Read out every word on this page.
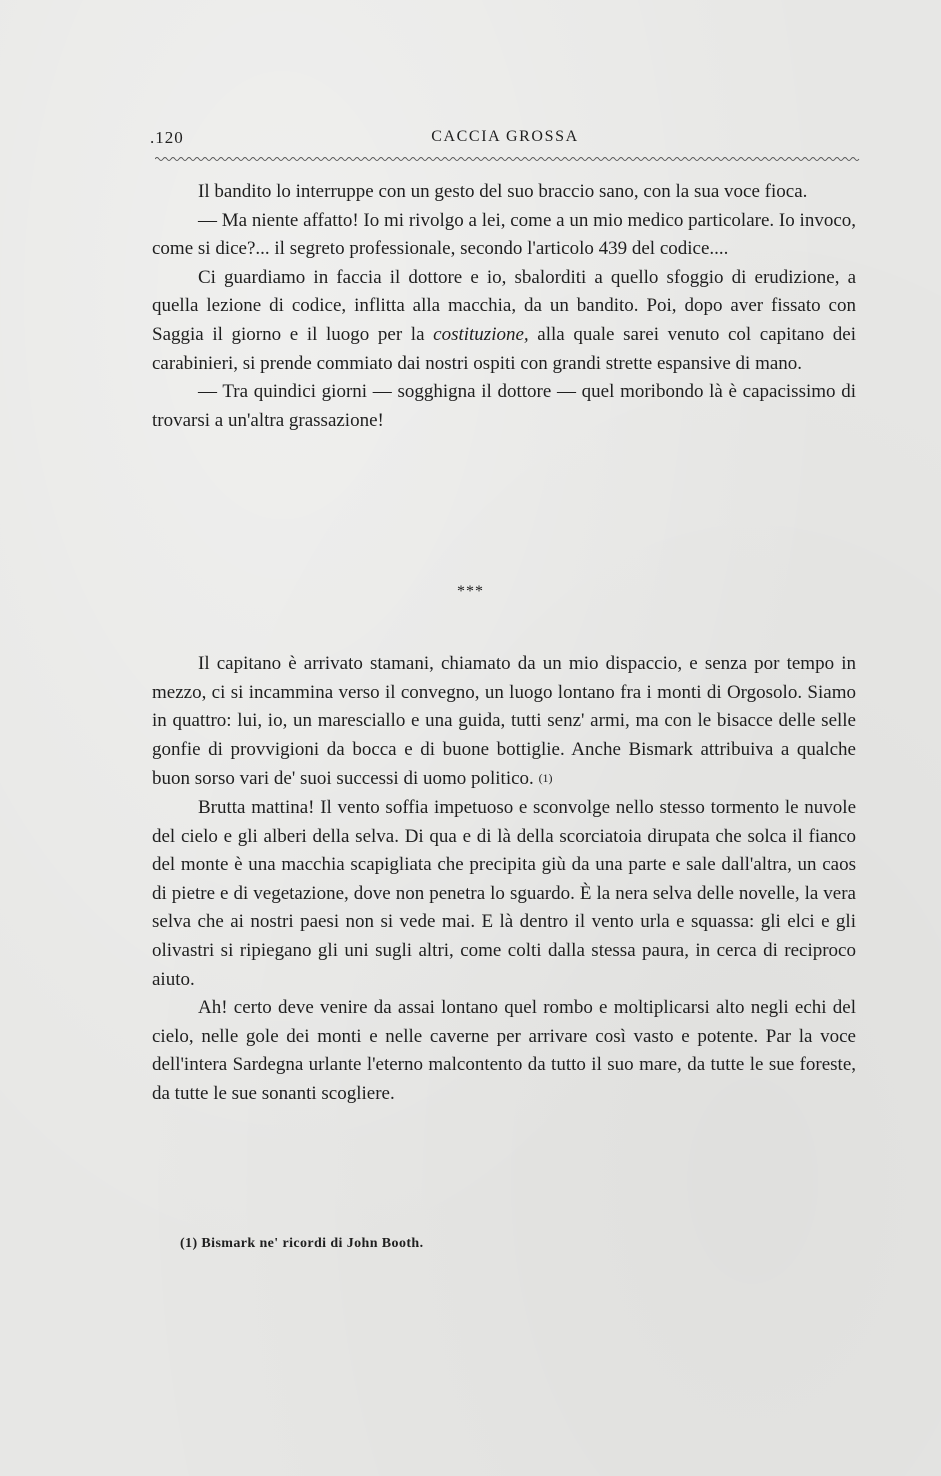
.120	CACCIA GROSSA

Il bandito lo interruppe con un gesto del suo braccio sano, con la sua voce fioca.

— Ma niente affatto! Io mi rivolgo a lei, come a un mio medico particolare. Io invoco, come si dice?... il segreto professionale, secondo l'articolo 439 del codice....

Ci guardiamo in faccia il dottore e io, sbalorditi a quello sfoggio di erudizione, a quella lezione di codice, inflitta alla macchia, da un bandito. Poi, dopo aver fissato con Saggia il giorno e il luogo per la costituzione, alla quale sarei venuto col capitano dei carabinieri, si prende commiato dai nostri ospiti con grandi strette espansive di mano.

— Tra quindici giorni — sogghigna il dottore — quel moribondo là è capacissimo di trovarsi a un'altra grassazione!

***

Il capitano è arrivato stamani, chiamato da un mio dispaccio, e senza por tempo in mezzo, ci si incammina verso il convegno, un luogo lontano fra i monti di Orgosolo. Siamo in quattro: lui, io, un maresciallo e una guida, tutti senz' armi, ma con le bisacce delle selle gonfie di provvigioni da bocca e di buone bottiglie. Anche Bismark attribuiva a qualche buon sorso vari de' suoi successi di uomo politico. (1)

Brutta mattina! Il vento soffia impetuoso e sconvolge nello stesso tormento le nuvole del cielo e gli alberi della selva. Di qua e di là della scorciatoia dirupata che solca il fianco del monte è una macchia scapigliata che precipita giù da una parte e sale dall'altra, un caos di pietre e di vegetazione, dove non penetra lo sguardo. È la nera selva delle novelle, la vera selva che ai nostri paesi non si vede mai. E là dentro il vento urla e squassa: gli elci e gli olivastri si ripiegano gli uni sugli altri, come colti dalla stessa paura, in cerca di reciproco aiuto.

Ah! certo deve venire da assai lontano quel rombo e moltiplicarsi alto negli echi del cielo, nelle gole dei monti e nelle caverne per arrivare così vasto e potente. Par la voce dell'intera Sardegna urlante l'eterno malcontento da tutto il suo mare, da tutte le sue foreste, da tutte le sue sonanti scogliere.

(1) Bismark ne' ricordi di John Booth.
